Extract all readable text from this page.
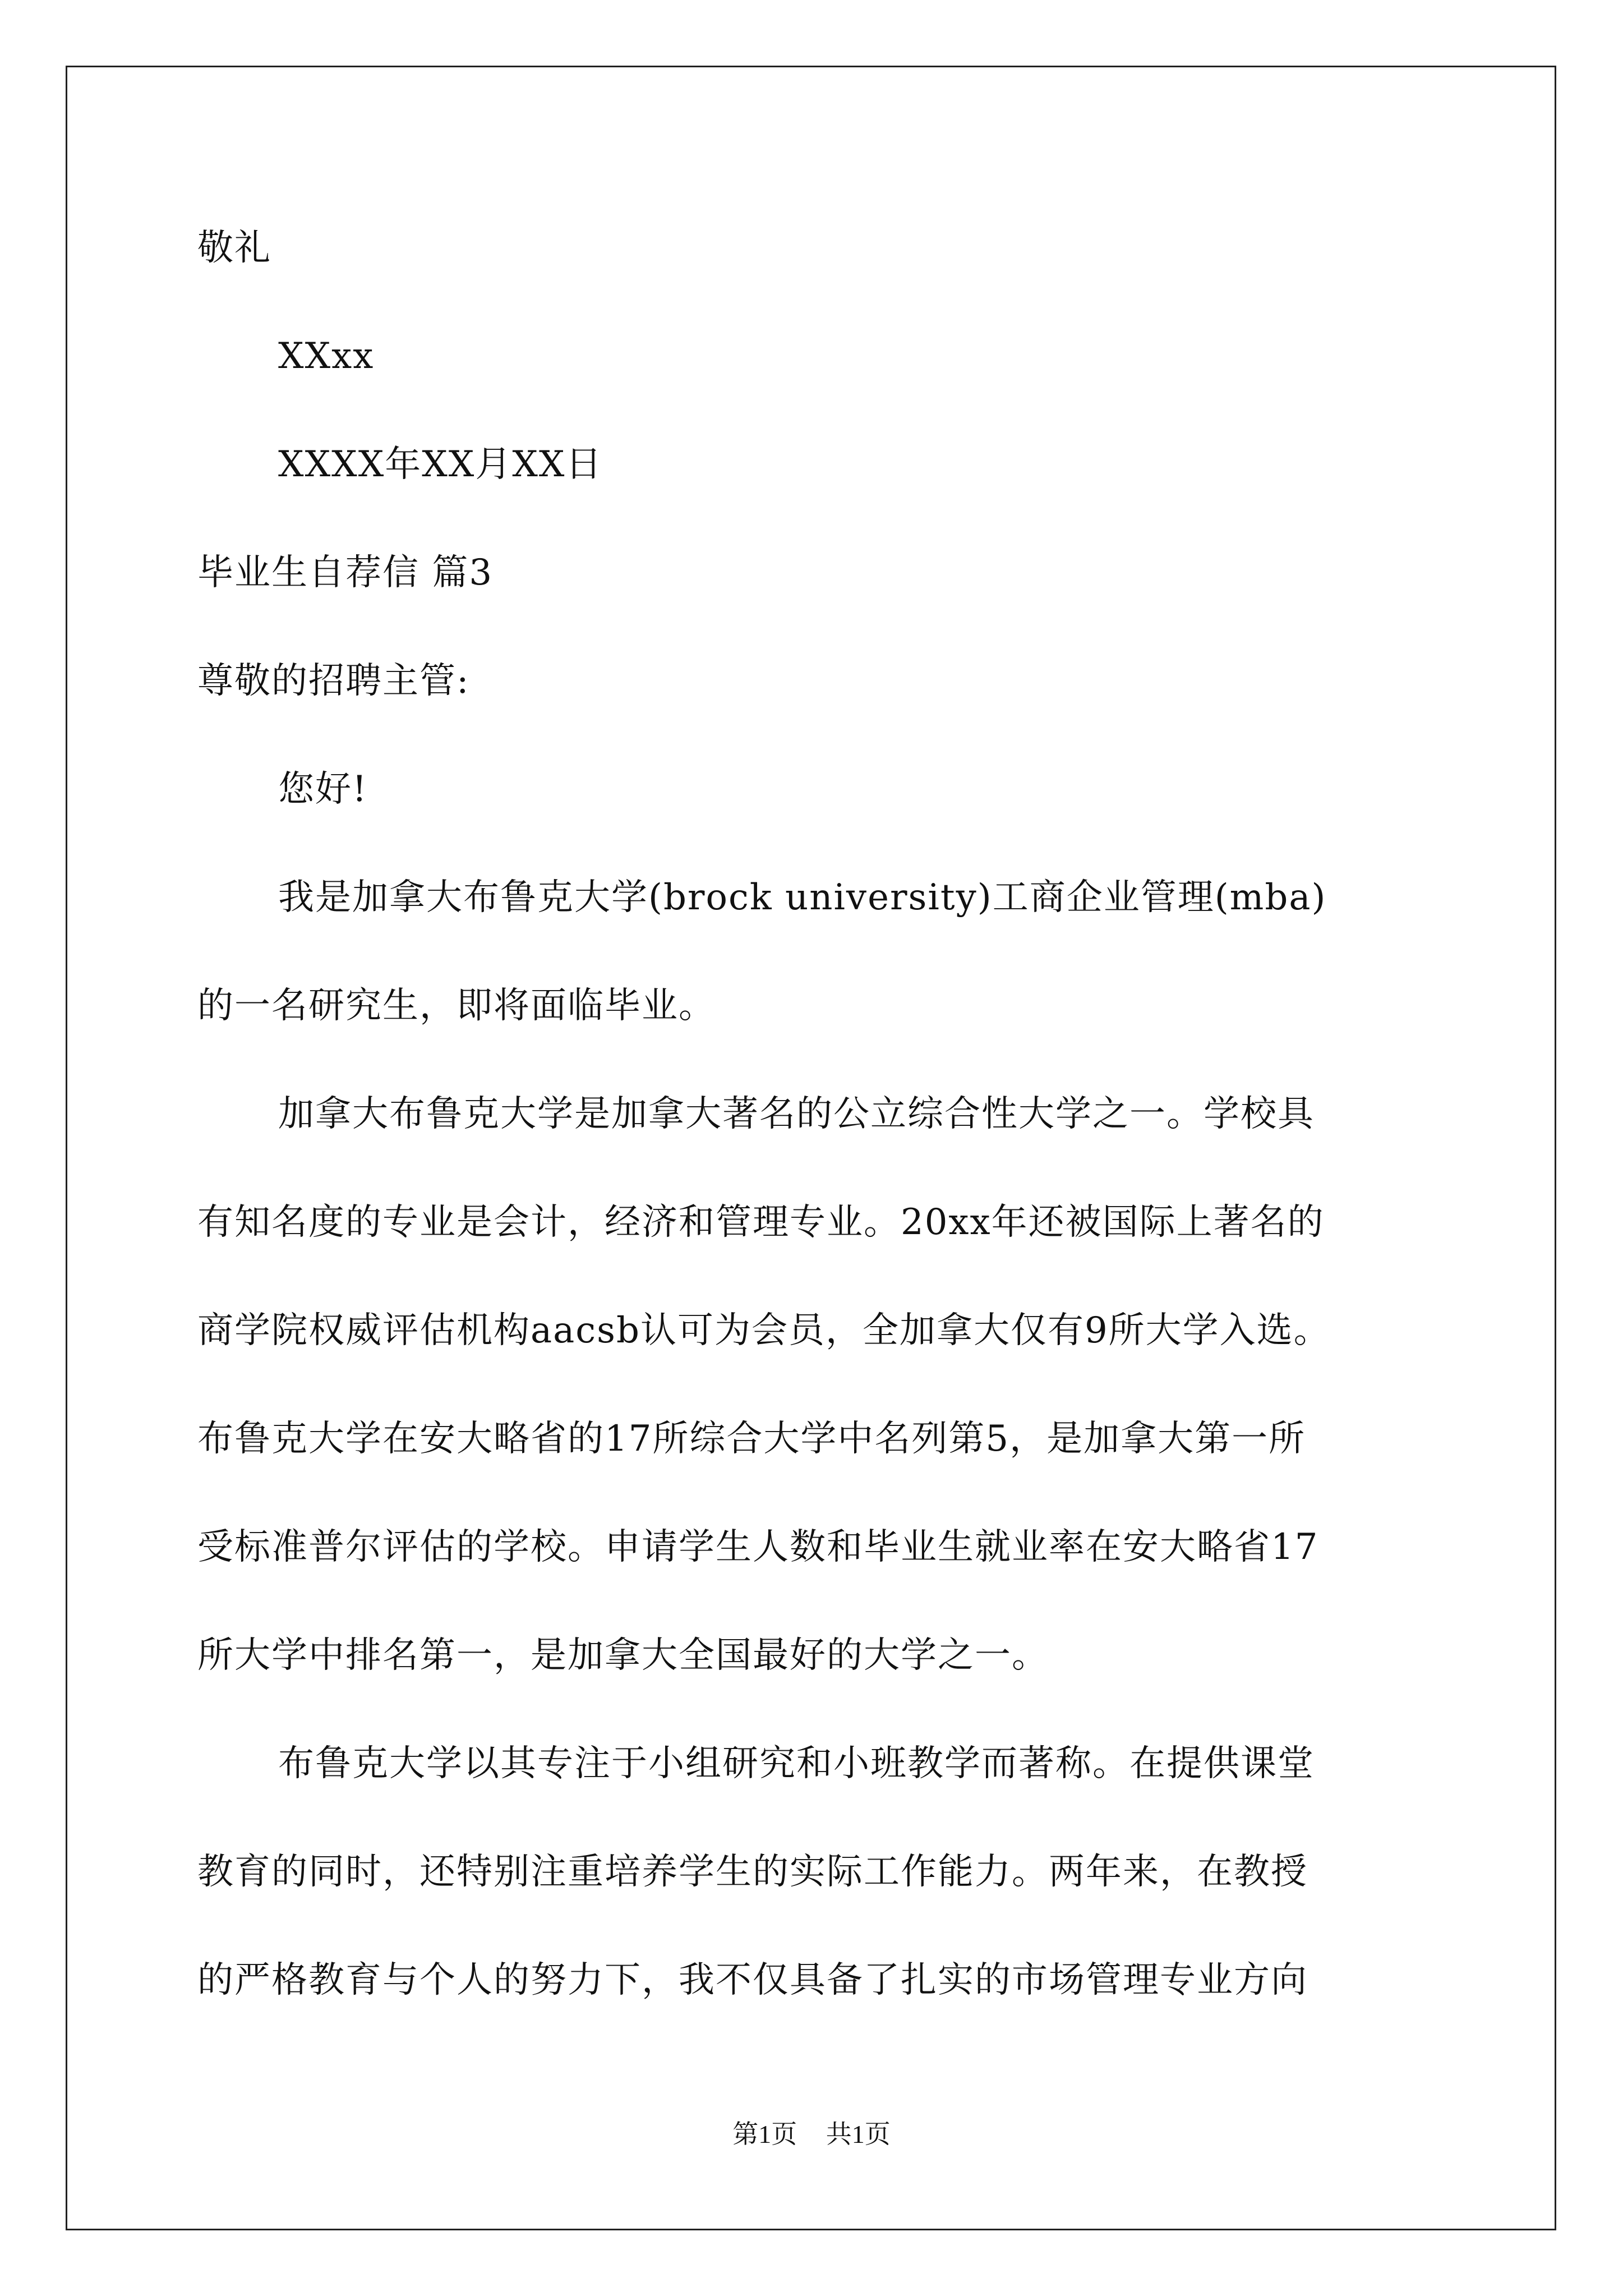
敬礼
XXxx
XXXX年XX月XX日
毕业生自荐信 篇3
尊敬的招聘主管:
您好!
我是加拿大布鲁克大学(brock university)工商企业管理(mba)
的一名研究生，即将面临毕业。
加拿大布鲁克大学是加拿大著名的公立综合性大学之一。学校具
有知名度的专业是会计，经济和管理专业。20xx年还被国际上著名的
商学院权威评估机构aacsb认可为会员，全加拿大仅有9所大学入选。
布鲁克大学在安大略省的17所综合大学中名列第5，是加拿大第一所
受标准普尔评估的学校。申请学生人数和毕业生就业率在安大略省17
所大学中排名第一，是加拿大全国最好的大学之一。
布鲁克大学以其专注于小组研究和小班教学而著称。在提供课堂
教育的同时，还特别注重培养学生的实际工作能力。两年来，在教授
的严格教育与个人的努力下，我不仅具备了扎实的市场管理专业方向
第1页 共1页
